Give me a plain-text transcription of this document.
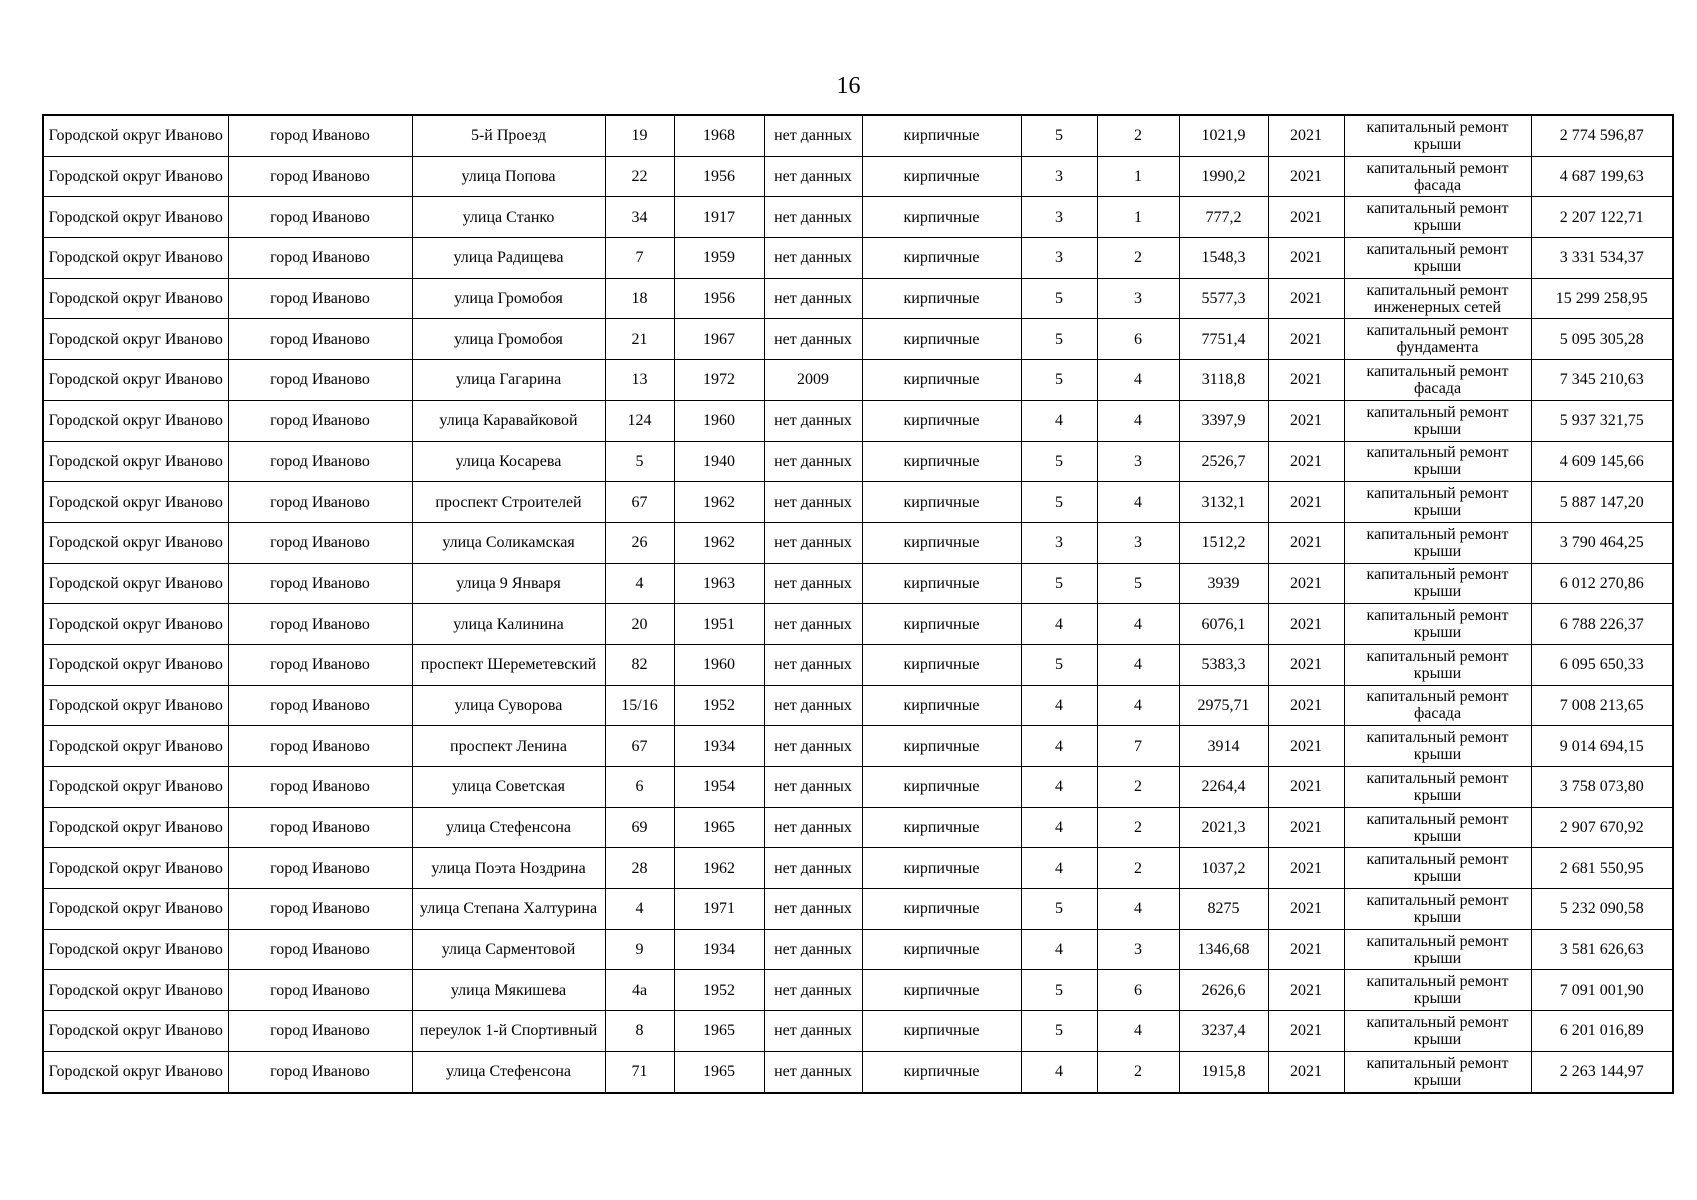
16
Городской округ Иваново	город Иваново	5-й Проезд	19	1968	нет данных	кирпичные	5	2	1021,9	2021	капитальный ремонт крыши	2 774 596,87
Городской округ Иваново	город Иваново	улица Попова	22	1956	нет данных	кирпичные	3	1	1990,2	2021	капитальный ремонт фасада	4 687 199,63
Городской округ Иваново	город Иваново	улица Станко	34	1917	нет данных	кирпичные	3	1	777,2	2021	капитальный ремонт крыши	2 207 122,71
Городской округ Иваново	город Иваново	улица Радищева	7	1959	нет данных	кирпичные	3	2	1548,3	2021	капитальный ремонт крыши	3 331 534,37
Городской округ Иваново	город Иваново	улица Громобоя	18	1956	нет данных	кирпичные	5	3	5577,3	2021	капитальный ремонт инженерных сетей	15 299 258,95
Городской округ Иваново	город Иваново	улица Громобоя	21	1967	нет данных	кирпичные	5	6	7751,4	2021	капитальный ремонт фундамента	5 095 305,28
Городской округ Иваново	город Иваново	улица Гагарина	13	1972	2009	кирпичные	5	4	3118,8	2021	капитальный ремонт фасада	7 345 210,63
Городской округ Иваново	город Иваново	улица Каравайковой	124	1960	нет данных	кирпичные	4	4	3397,9	2021	капитальный ремонт крыши	5 937 321,75
Городской округ Иваново	город Иваново	улица Косарева	5	1940	нет данных	кирпичные	5	3	2526,7	2021	капитальный ремонт крыши	4 609 145,66
Городской округ Иваново	город Иваново	проспект Строителей	67	1962	нет данных	кирпичные	5	4	3132,1	2021	капитальный ремонт крыши	5 887 147,20
Городской округ Иваново	город Иваново	улица Соликамская	26	1962	нет данных	кирпичные	3	3	1512,2	2021	капитальный ремонт крыши	3 790 464,25
Городской округ Иваново	город Иваново	улица 9 Января	4	1963	нет данных	кирпичные	5	5	3939	2021	капитальный ремонт крыши	6 012 270,86
Городской округ Иваново	город Иваново	улица Калинина	20	1951	нет данных	кирпичные	4	4	6076,1	2021	капитальный ремонт крыши	6 788 226,37
Городской округ Иваново	город Иваново	проспект Шереметевский	82	1960	нет данных	кирпичные	5	4	5383,3	2021	капитальный ремонт крыши	6 095 650,33
Городской округ Иваново	город Иваново	улица Суворова	15/16	1952	нет данных	кирпичные	4	4	2975,71	2021	капитальный ремонт фасада	7 008 213,65
Городской округ Иваново	город Иваново	проспект Ленина	67	1934	нет данных	кирпичные	4	7	3914	2021	капитальный ремонт крыши	9 014 694,15
Городской округ Иваново	город Иваново	улица Советская	6	1954	нет данных	кирпичные	4	2	2264,4	2021	капитальный ремонт крыши	3 758 073,80
Городской округ Иваново	город Иваново	улица Стефенсона	69	1965	нет данных	кирпичные	4	2	2021,3	2021	капитальный ремонт крыши	2 907 670,92
Городской округ Иваново	город Иваново	улица Поэта Ноздрина	28	1962	нет данных	кирпичные	4	2	1037,2	2021	капитальный ремонт крыши	2 681 550,95
Городской округ Иваново	город Иваново	улица Степана Халтурина	4	1971	нет данных	кирпичные	5	4	8275	2021	капитальный ремонт крыши	5 232 090,58
Городской округ Иваново	город Иваново	улица Сарментовой	9	1934	нет данных	кирпичные	4	3	1346,68	2021	капитальный ремонт крыши	3 581 626,63
Городской округ Иваново	город Иваново	улица Мякишева	4а	1952	нет данных	кирпичные	5	6	2626,6	2021	капитальный ремонт крыши	7 091 001,90
Городской округ Иваново	город Иваново	переулок 1-й Спортивный	8	1965	нет данных	кирпичные	5	4	3237,4	2021	капитальный ремонт крыши	6 201 016,89
Городской округ Иваново	город Иваново	улица Стефенсона	71	1965	нет данных	кирпичные	4	2	1915,8	2021	капитальный ремонт крыши	2 263 144,97
